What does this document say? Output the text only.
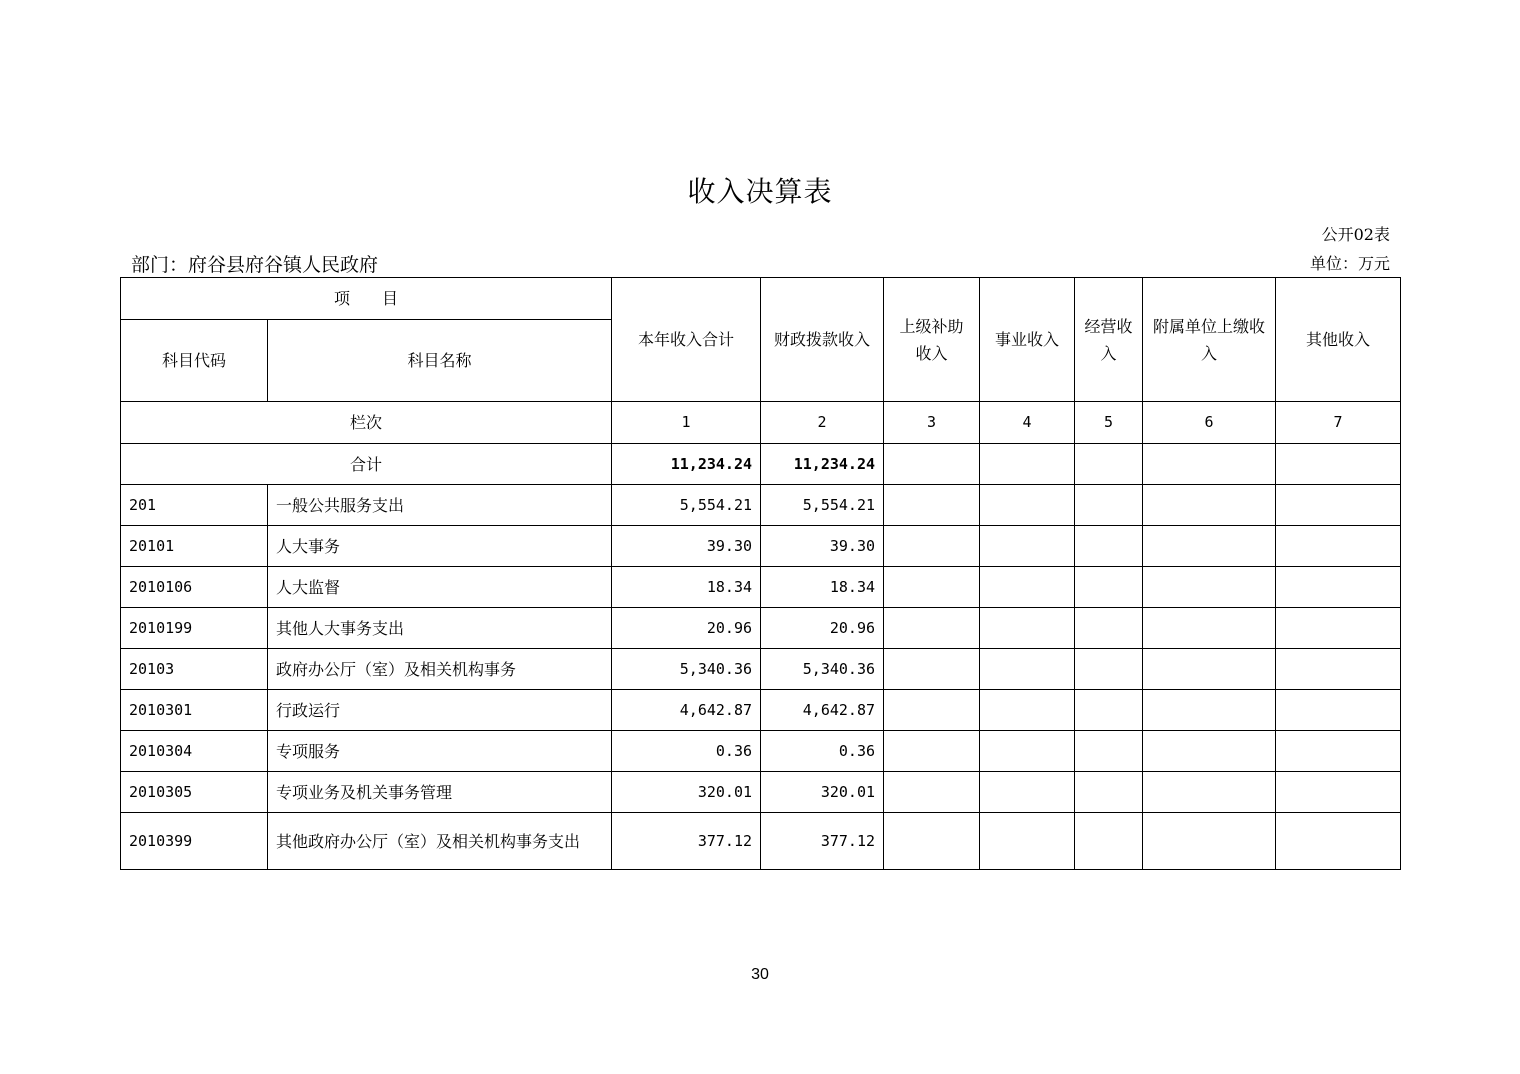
收入决算表
公开02表
部门：府谷县府谷镇人民政府	单位：万元
项　　目		本年收入合计	财政拨款收入	上级补助收入	事业收入	经营收入	附属单位上缴收入	其他收入
科目代码	科目名称							
栏次		1	2	3	4	5	6	7
合计		11,234.24	11,234.24					
201	一般公共服务支出	5,554.21	5,554.21					
20101	人大事务	39.30	39.30					
2010106	人大监督	18.34	18.34					
2010199	其他人大事务支出	20.96	20.96					
20103	政府办公厅（室）及相关机构事务	5,340.36	5,340.36					
2010301	行政运行	4,642.87	4,642.87					
2010304	专项服务	0.36	0.36					
2010305	专项业务及机关事务管理	320.01	320.01					
2010399	其他政府办公厅（室）及相关机构事务支出	377.12	377.12					
30
